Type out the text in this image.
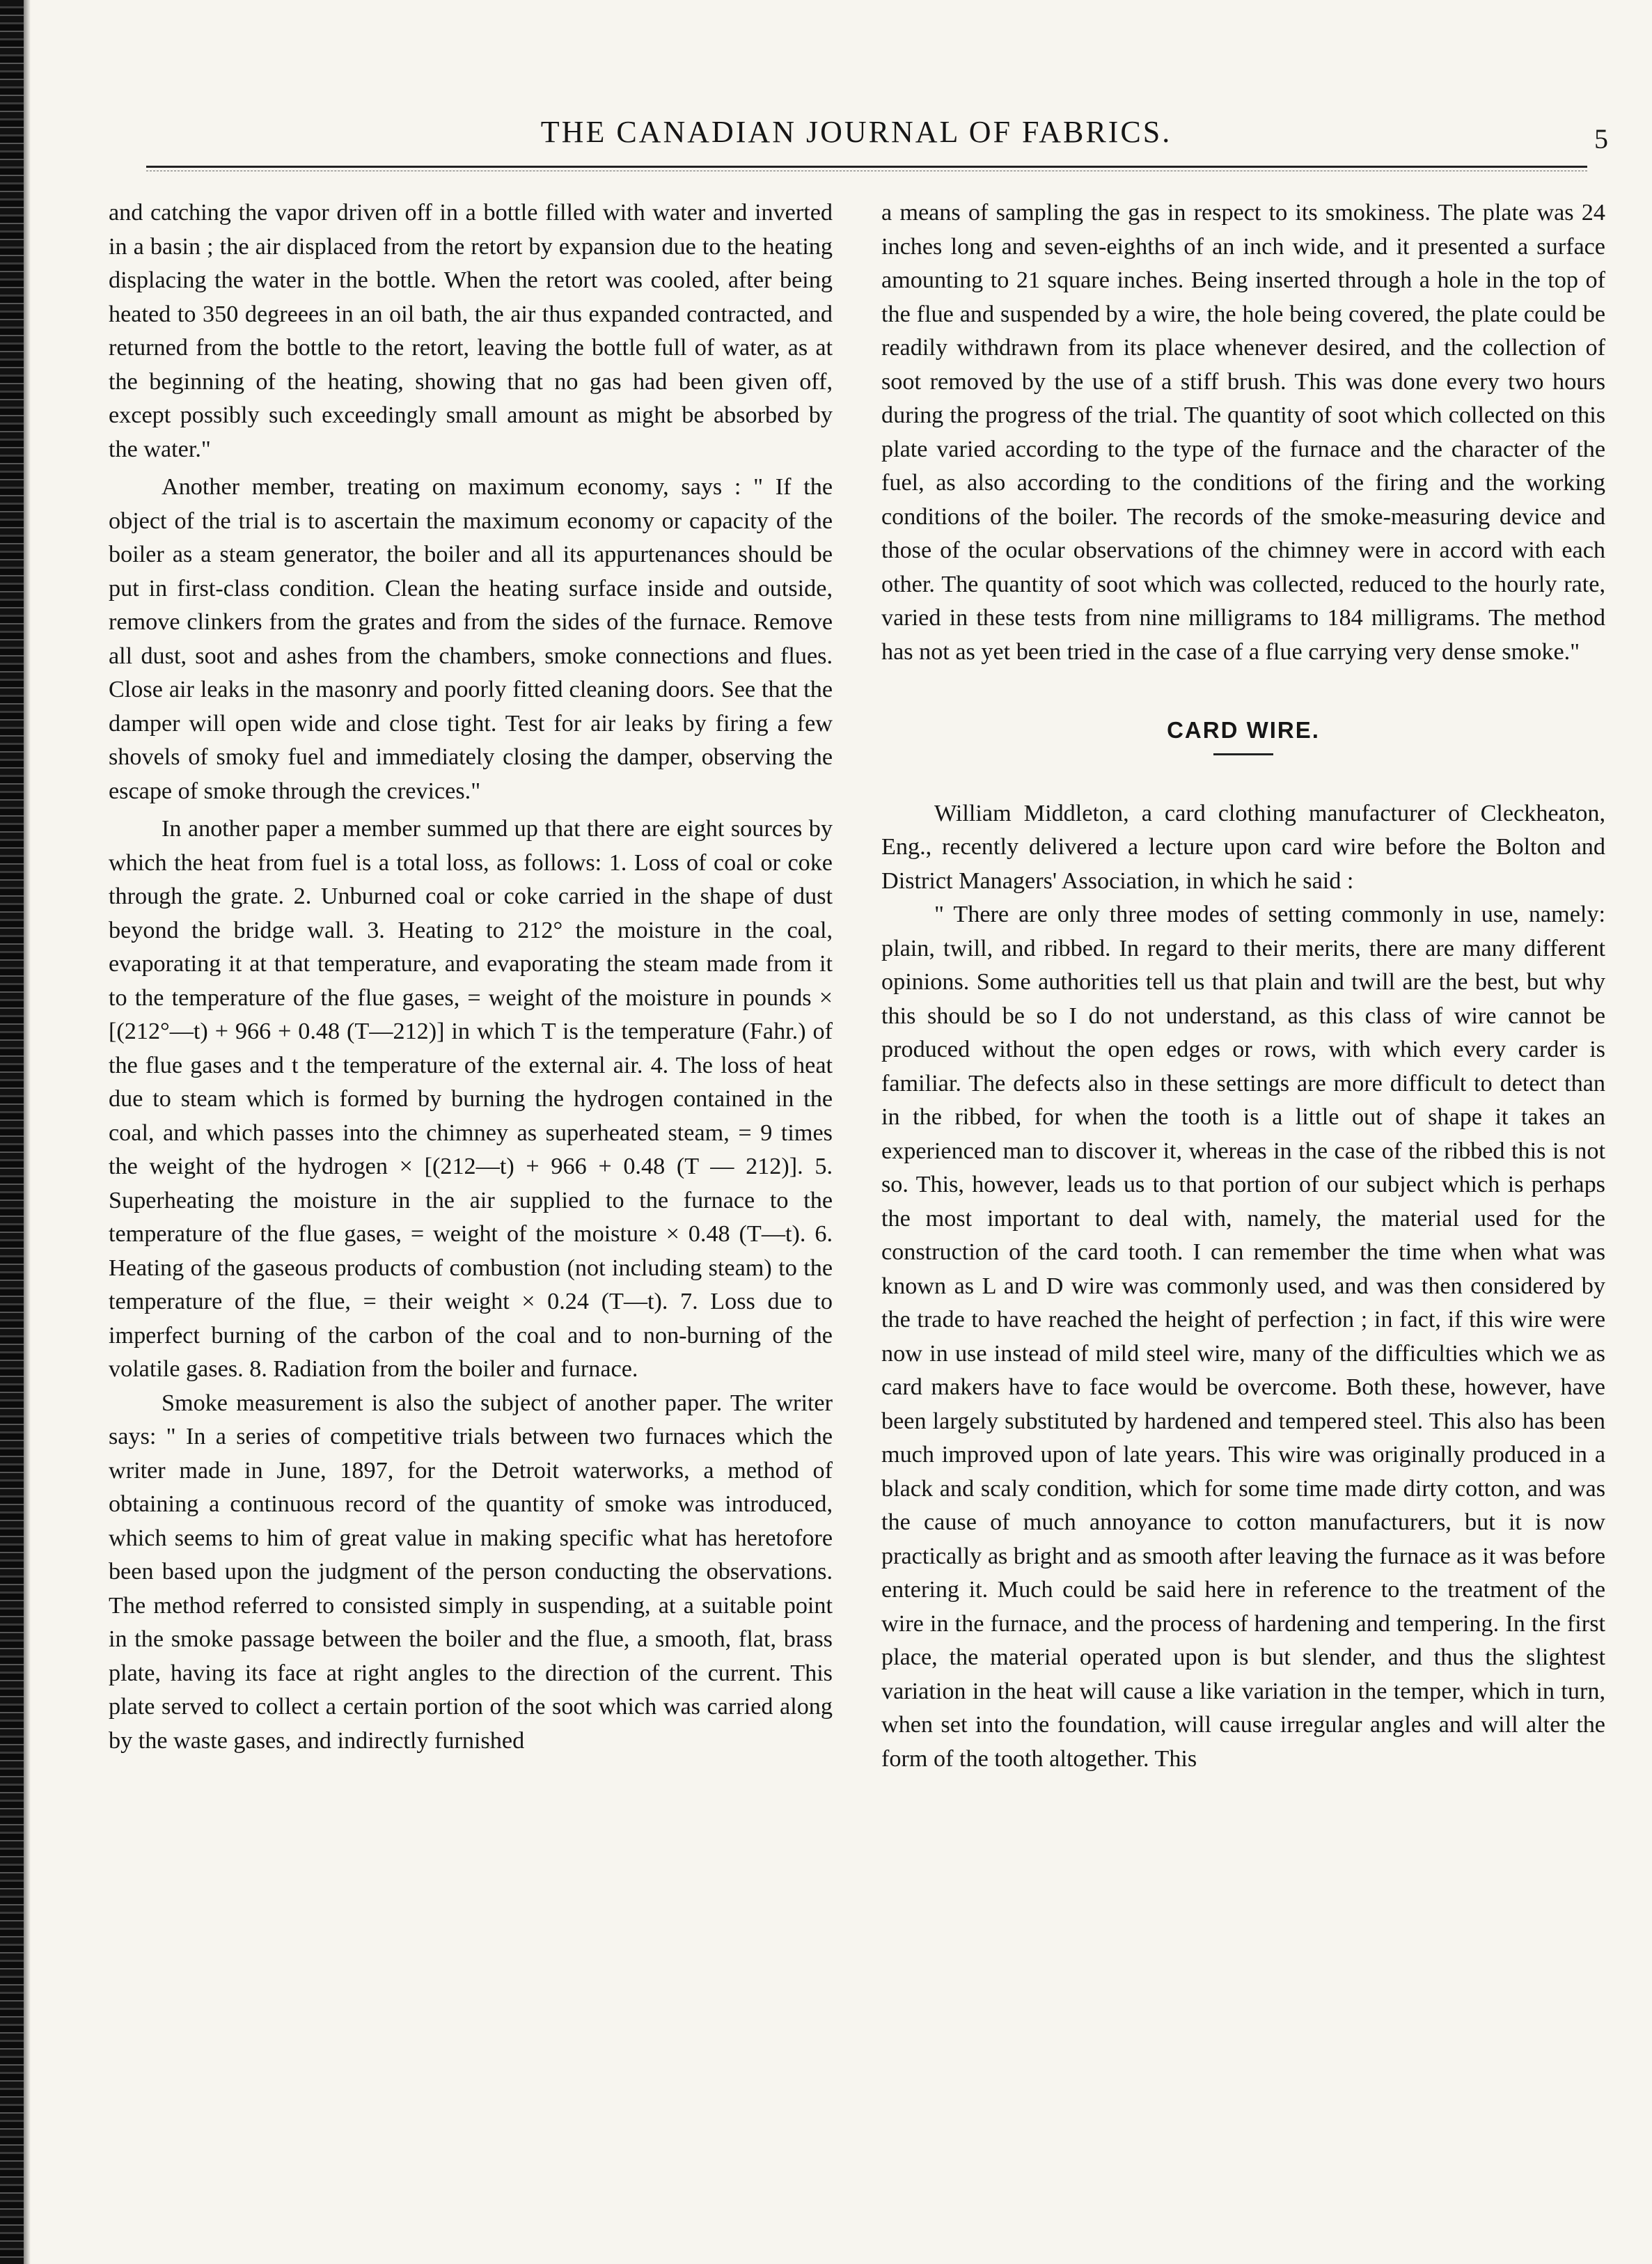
THE CANADIAN JOURNAL OF FABRICS.	5

and catching the vapor driven off in a bottle filled with water and inverted in a basin ; the air displaced from the retort by expansion due to the heating displacing the water in the bottle. When the retort was cooled, after being heated to 350 degreees in an oil bath, the air thus expanded contracted, and returned from the bottle to the retort, leaving the bottle full of water, as at the beginning of the heating, showing that no gas had been given off, except possibly such exceedingly small amount as might be absorbed by the water."

Another member, treating on maximum economy, says : " If the object of the trial is to ascertain the maximum economy or capacity of the boiler as a steam generator, the boiler and all its appurtenances should be put in first-class condition. Clean the heating surface inside and outside, remove clinkers from the grates and from the sides of the furnace. Remove all dust, soot and ashes from the chambers, smoke connections and flues. Close air leaks in the masonry and poorly fitted cleaning doors. See that the damper will open wide and close tight. Test for air leaks by firing a few shovels of smoky fuel and immediately closing the damper, observing the escape of smoke through the crevices."

In another paper a member summed up that there are eight sources by which the heat from fuel is a total loss, as follows: 1. Loss of coal or coke through the grate. 2. Unburned coal or coke carried in the shape of dust beyond the bridge wall. 3. Heating to 212° the moisture in the coal, evaporating it at that temperature, and evaporating the steam made from it to the temperature of the flue gases, = weight of the moisture in pounds × [(212°—t) + 966 + 0.48 (T—212)] in which T is the temperature (Fahr.) of the flue gases and t the temperature of the external air. 4. The loss of heat due to steam which is formed by burning the hydrogen contained in the coal, and which passes into the chimney as superheated steam, = 9 times the weight of the hydrogen × [(212—t) + 966 + 0.48 (T — 212)]. 5. Superheating the moisture in the air supplied to the furnace to the temperature of the flue gases, = weight of the moisture × 0.48 (T—t). 6. Heating of the gaseous products of combustion (not including steam) to the temperature of the flue, = their weight × 0.24 (T—t). 7. Loss due to imperfect burning of the carbon of the coal and to non-burning of the volatile gases. 8. Radiation from the boiler and furnace.

Smoke measurement is also the subject of another paper. The writer says: " In a series of competitive trials between two furnaces which the writer made in June, 1897, for the Detroit waterworks, a method of obtaining a continuous record of the quantity of smoke was introduced, which seems to him of great value in making specific what has heretofore been based upon the judgment of the person conducting the observations. The method referred to consisted simply in suspending, at a suitable point in the smoke passage between the boiler and the flue, a smooth, flat, brass plate, having its face at right angles to the direction of the current. This plate served to collect a certain portion of the soot which was carried along by the waste gases, and indirectly furnished

a means of sampling the gas in respect to its smokiness. The plate was 24 inches long and seven-eighths of an inch wide, and it presented a surface amounting to 21 square inches. Being inserted through a hole in the top of the flue and suspended by a wire, the hole being covered, the plate could be readily withdrawn from its place whenever desired, and the collection of soot removed by the use of a stiff brush. This was done every two hours during the progress of the trial. The quantity of soot which collected on this plate varied according to the type of the furnace and the character of the fuel, as also according to the conditions of the firing and the working conditions of the boiler. The records of the smoke-measuring device and those of the ocular observations of the chimney were in accord with each other. The quantity of soot which was collected, reduced to the hourly rate, varied in these tests from nine milligrams to 184 milligrams. The method has not as yet been tried in the case of a flue carrying very dense smoke."

CARD WIRE.

William Middleton, a card clothing manufacturer of Cleckheaton, Eng., recently delivered a lecture upon card wire before the Bolton and District Managers' Association, in which he said :

" There are only three modes of setting commonly in use, namely: plain, twill, and ribbed. In regard to their merits, there are many different opinions. Some authorities tell us that plain and twill are the best, but why this should be so I do not understand, as this class of wire cannot be produced without the open edges or rows, with which every carder is familiar. The defects also in these settings are more difficult to detect than in the ribbed, for when the tooth is a little out of shape it takes an experienced man to discover it, whereas in the case of the ribbed this is not so. This, however, leads us to that portion of our subject which is perhaps the most important to deal with, namely, the material used for the construction of the card tooth. I can remember the time when what was known as L and D wire was commonly used, and was then considered by the trade to have reached the height of perfection ; in fact, if this wire were now in use instead of mild steel wire, many of the difficulties which we as card makers have to face would be overcome. Both these, however, have been largely substituted by hardened and tempered steel. This also has been much improved upon of late years. This wire was originally produced in a black and scaly condition, which for some time made dirty cotton, and was the cause of much annoyance to cotton manufacturers, but it is now practically as bright and as smooth after leaving the furnace as it was before entering it. Much could be said here in reference to the treatment of the wire in the furnace, and the process of hardening and tempering. In the first place, the material operated upon is but slender, and thus the slightest variation in the heat will cause a like variation in the temper, which in turn, when set into the foundation, will cause irregular angles and will alter the form of the tooth altogether. This
